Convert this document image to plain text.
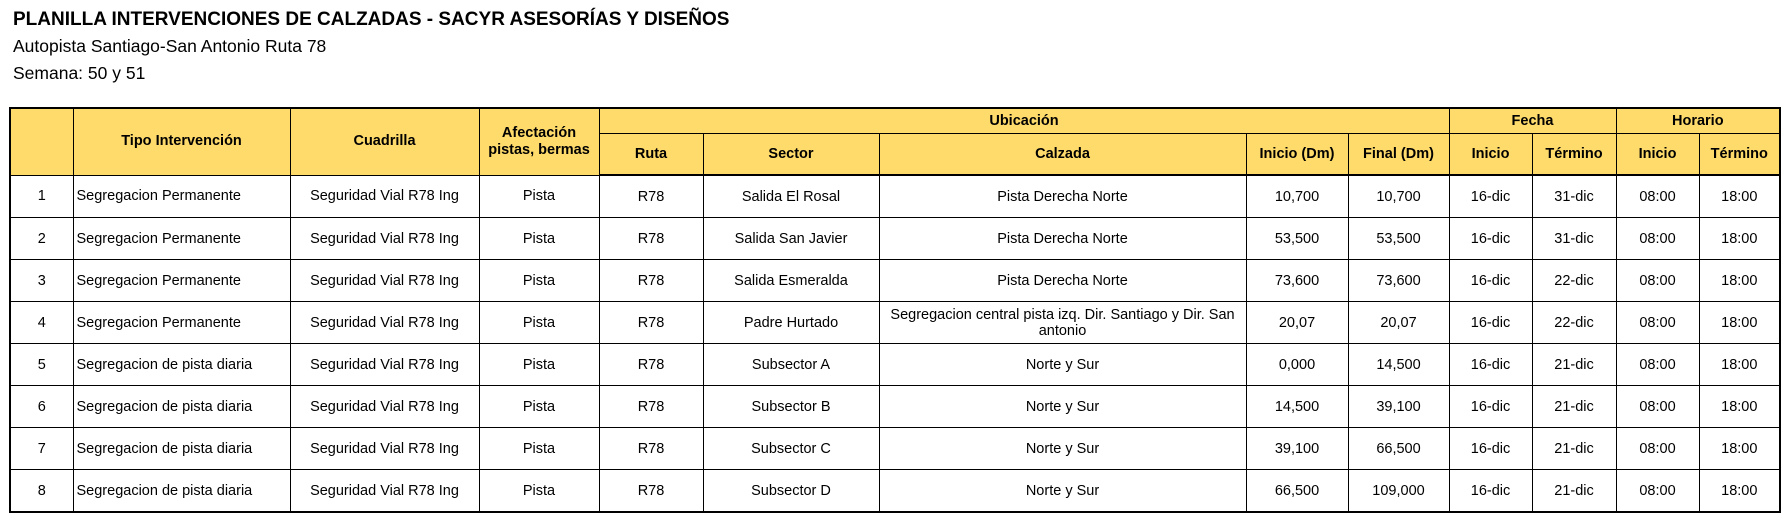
PLANILLA INTERVENCIONES DE CALZADAS - SACYR ASESORÍAS Y DISEÑOS
Autopista Santiago-San Antonio Ruta 78
Semana: 50 y 51
	Tipo Intervención	Cuadrilla	Afectación pistas, bermas	Ubicación					Fecha		Horario	
				Ruta	Sector	Calzada	Inicio (Dm)	Final (Dm)	Inicio	Término	Inicio	Término
1	Segregacion Permanente	Seguridad Vial R78 Ing	Pista	R78	Salida El Rosal	Pista Derecha Norte	10,700	10,700	16-dic	31-dic	08:00	18:00
2	Segregacion Permanente	Seguridad Vial R78 Ing	Pista	R78	Salida San Javier	Pista Derecha Norte	53,500	53,500	16-dic	31-dic	08:00	18:00
3	Segregacion Permanente	Seguridad Vial R78 Ing	Pista	R78	Salida Esmeralda	Pista Derecha Norte	73,600	73,600	16-dic	22-dic	08:00	18:00
4	Segregacion Permanente	Seguridad Vial R78 Ing	Pista	R78	Padre Hurtado	Segregacion central pista izq. Dir. Santiago y Dir. San antonio	20,07	20,07	16-dic	22-dic	08:00	18:00
5	Segregacion de pista diaria	Seguridad Vial R78 Ing	Pista	R78	Subsector A	Norte y Sur	0,000	14,500	16-dic	21-dic	08:00	18:00
6	Segregacion de pista diaria	Seguridad Vial R78 Ing	Pista	R78	Subsector B	Norte y Sur	14,500	39,100	16-dic	21-dic	08:00	18:00
7	Segregacion de pista diaria	Seguridad Vial R78 Ing	Pista	R78	Subsector C	Norte y Sur	39,100	66,500	16-dic	21-dic	08:00	18:00
8	Segregacion de pista diaria	Seguridad Vial R78 Ing	Pista	R78	Subsector D	Norte y Sur	66,500	109,000	16-dic	21-dic	08:00	18:00
